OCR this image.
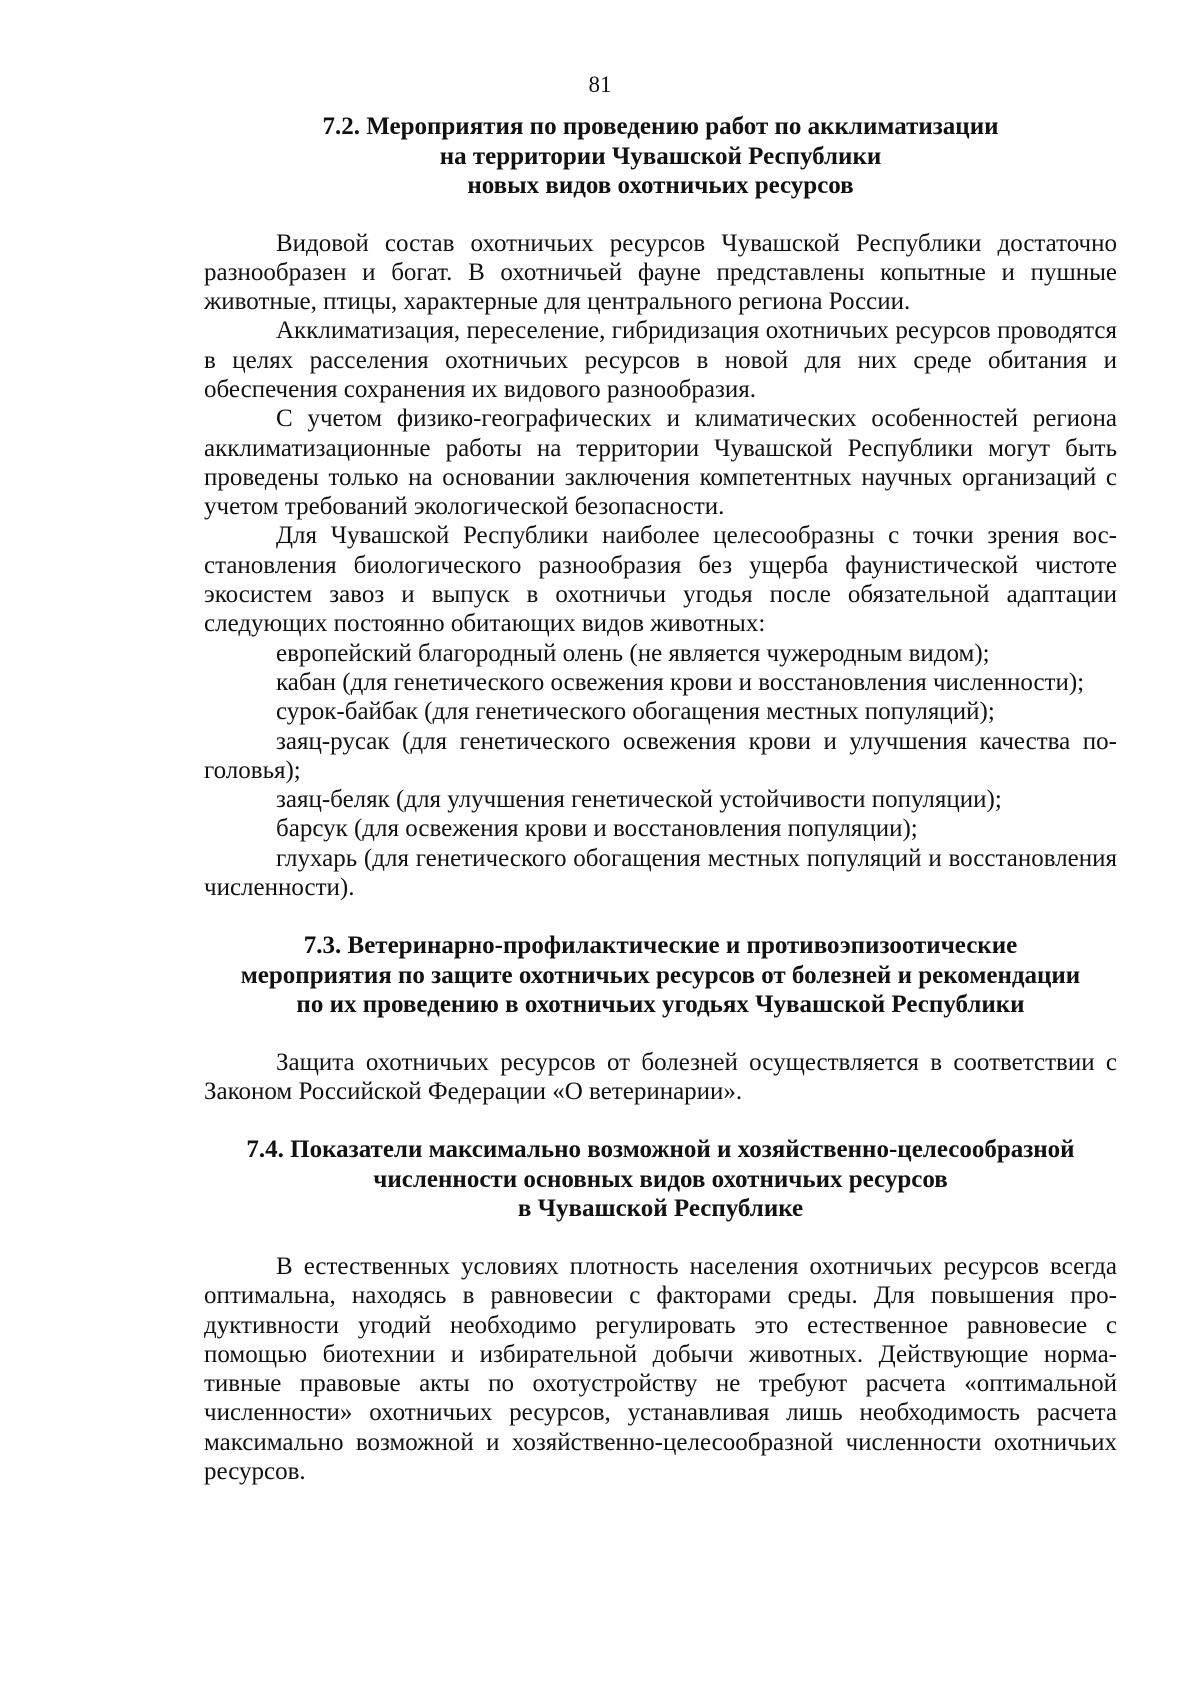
81
7.2. Мероприятия по проведению работ по акклиматизации
на территории Чувашской Республики
новых видов охотничьих ресурсов

Видовой состав охотничьих ресурсов Чувашской Республики достаточно разнообразен и богат. В охотничьей фауне представлены копытные и пушные животные, птицы, характерные для центрального региона России.

Акклиматизация, переселение, гибридизация охотничьих ресурсов проводятся в целях расселения охотничьих ресурсов в новой для них среде обитания и обеспечения сохранения их видового разнообразия.

С учетом физико-географических и климатических особенностей региона акклиматизационные работы на территории Чувашской Республики могут быть проведены только на основании заключения компетентных научных организаций с учетом требований экологической безопасности.

Для Чувашской Республики наиболее целесообразны с точки зрения восстановления биологического разнообразия без ущерба фаунистической чистоте экосистем завоз и выпуск в охотничьи угодья после обязательной адаптации следующих постоянно обитающих видов животных:

европейский благородный олень (не является чужеродным видом);

кабан (для генетического освежения крови и восстановления численности);

сурок-байбак (для генетического обогащения местных популяций);

заяц-русак (для генетического освежения крови и улучшения качества поголовья);

заяц-беляк (для улучшения генетической устойчивости популяции);

барсук (для освежения крови и восстановления популяции);

глухарь (для генетического обогащения местных популяций и восстановления численности).

7.3. Ветеринарно-профилактические и противоэпизоотические
мероприятия по защите охотничьих ресурсов от болезней и рекомендации
по их проведению в охотничьих угодьях Чувашской Республики

Защита охотничьих ресурсов от болезней осуществляется в соответствии с Законом Российской Федерации «О ветеринарии».

7.4. Показатели максимально возможной и хозяйственно-целесообразной
численности основных видов охотничьих ресурсов
в Чувашской Республике

В естественных условиях плотность населения охотничьих ресурсов всегда оптимальна, находясь в равновесии с факторами среды. Для повышения продуктивности угодий необходимо регулировать это естественное равновесие с помощью биотехнии и избирательной добычи животных. Действующие нормативные правовые акты по охотустройству не требуют расчета «оптимальной численности» охотничьих ресурсов, устанавливая лишь необходимость расчета максимально возможной и хозяйственно-целесообразной численности охотничьих ресурсов.
